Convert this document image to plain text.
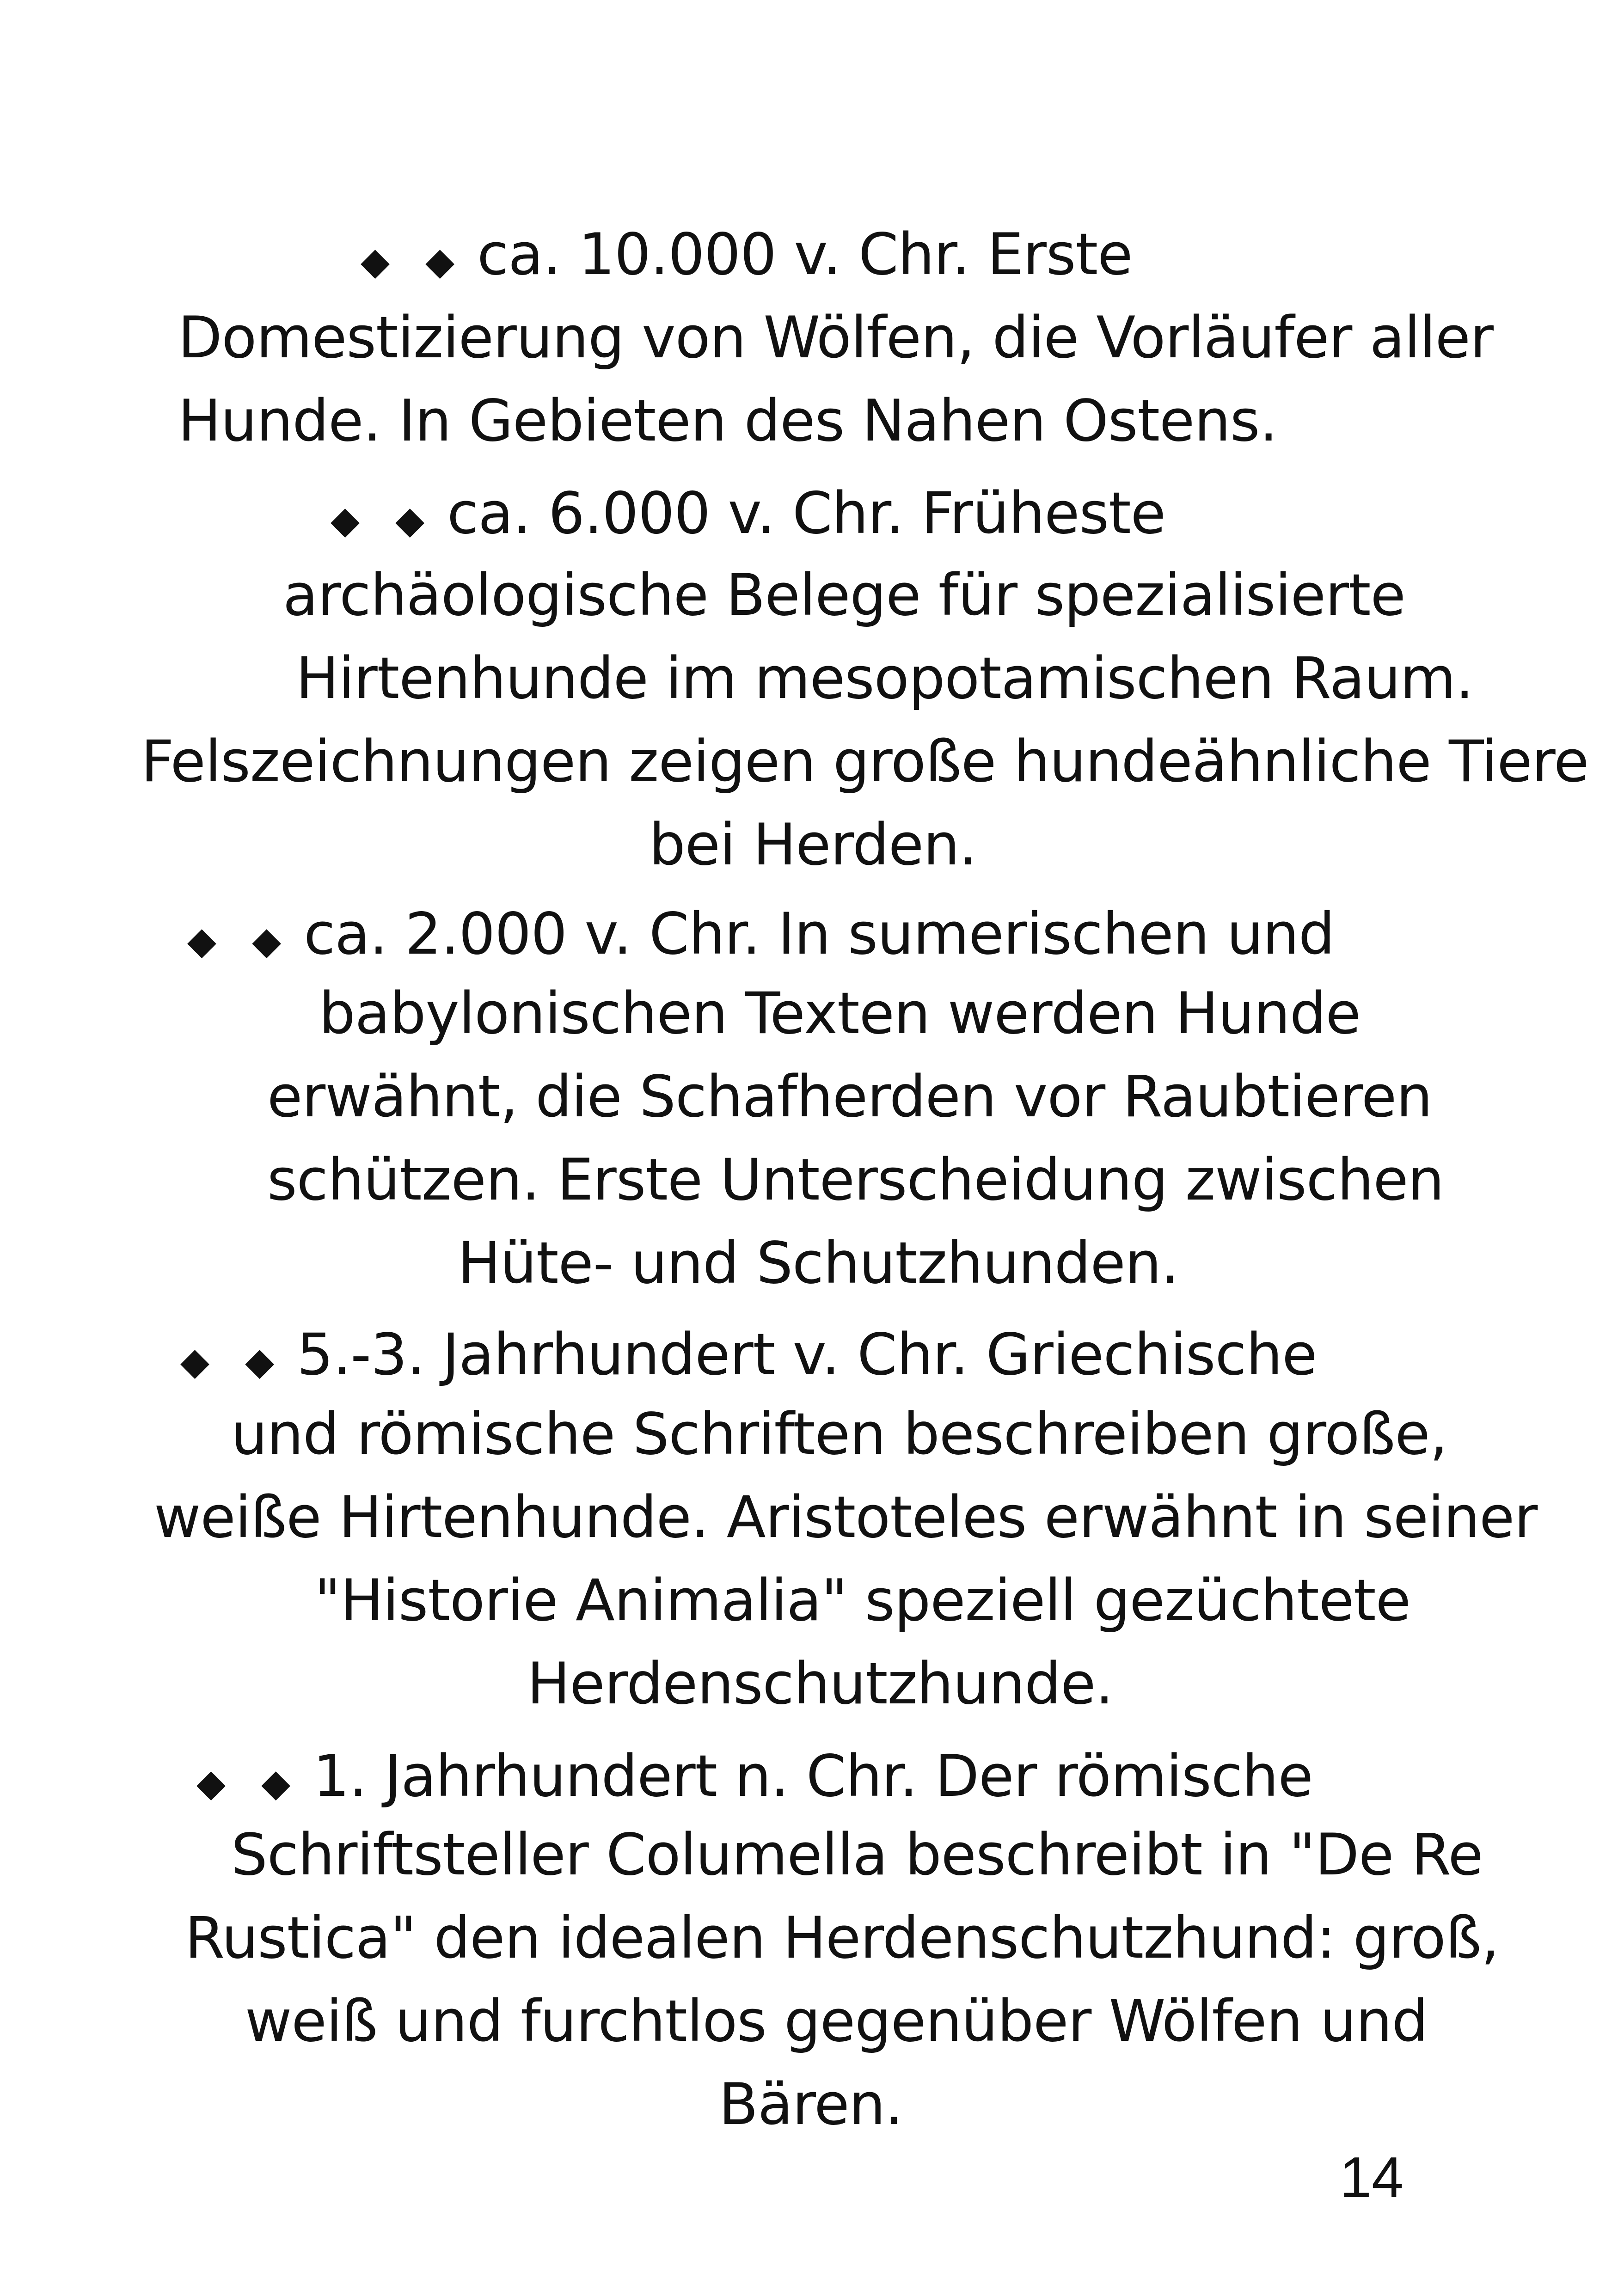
◆ ◆ ca. 10.000 v. Chr. Erste
Domestizierung von Wölfen, die Vorläufer aller
Hunde. In Gebieten des Nahen Ostens.
◆ ◆ ca. 6.000 v. Chr. Früheste
archäologische Belege für spezialisierte
Hirtenhunde im mesopotamischen Raum.
Felszeichnungen zeigen große hundeähnliche Tiere
bei Herden.
◆ ◆ ca. 2.000 v. Chr. In sumerischen und
babylonischen Texten werden Hunde
erwähnt, die Schafherden vor Raubtieren
schützen. Erste Unterscheidung zwischen
Hüte- und Schutzhunden.
◆ ◆ 5.-3. Jahrhundert v. Chr. Griechische
und römische Schriften beschreiben große,
weiße Hirtenhunde. Aristoteles erwähnt in seiner
"Historie Animalia" speziell gezüchtete
Herdenschutzhunde.
◆ ◆ 1. Jahrhundert n. Chr. Der römische
Schriftsteller Columella beschreibt in "De Re
Rustica" den idealen Herdenschutzhund: groß,
weiß und furchtlos gegenüber Wölfen und
Bären.
14
